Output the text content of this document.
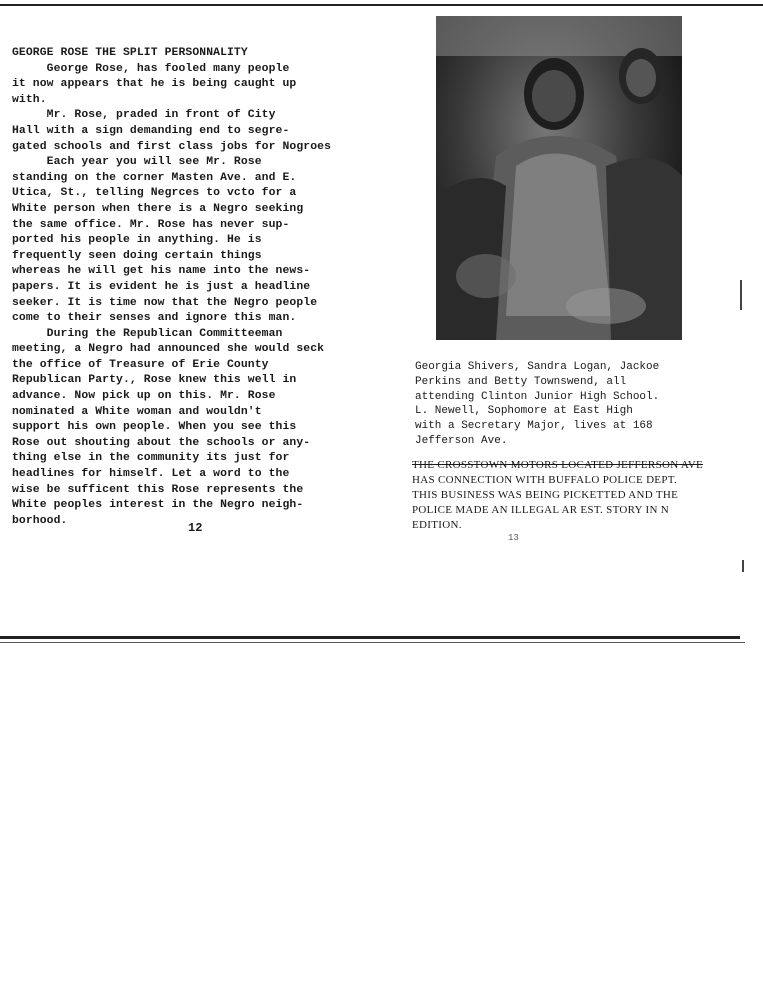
GEORGE ROSE THE SPLIT PERSONNALITY

George Rose, has fooled many people
it now appears that he is being caught up
with.
Mr. Rose, praded in front of City
Hall with a sign demanding end to segre-
gated schools and first class jobs for Nogroes
Each year you will see Mr. Rose
standing on the corner Masten Ave. and E.
Utica, St., telling Negrces to vcto for a
White person when there is a Negro seeking
the same office. Mr. Rose has never sup-
ported his people in anything. He is
frequently seen doing certain things
whereas he will get his name into the news-
papers. It is evident he is just a headline
seeker. It is time now that the Negro people
come to their senses and ignore this man.
During the Republican Committeeman
meeting, a Negro had announced she would seck
the office of Treasure of Erie County
Republican Party., Rose knew this well in
advance. Now pick up on this. Mr. Rose
nominated a White woman and wouldn't
support his own people. When you see this
Rose out shouting about the schools or any-
thing else in the community its just for
headlines for himself. Let a word to the
wise be sufficent this Rose represents the
White peoples interest in the Negro neigh-
borhood.
12
Georgia Shivers, Sandra Logan, Jackoe
Perkins and Betty Townswend, all
attending Clinton Junior High School.
L. Newell, Sophomore at East High
with a Secretary Major, lives at 168
Jefferson Ave.
THE CROSSTOWN MOTORS LOCATED JEFFERSON AVE
HAS CONNECTION WITH BUFFALO POLICE DEPT.
THIS BUSINESS WAS BEING PICKETTED AND THE
POLICE MADE AN ILLEGAL AR EST. STORY IN N
EDITION.
13
